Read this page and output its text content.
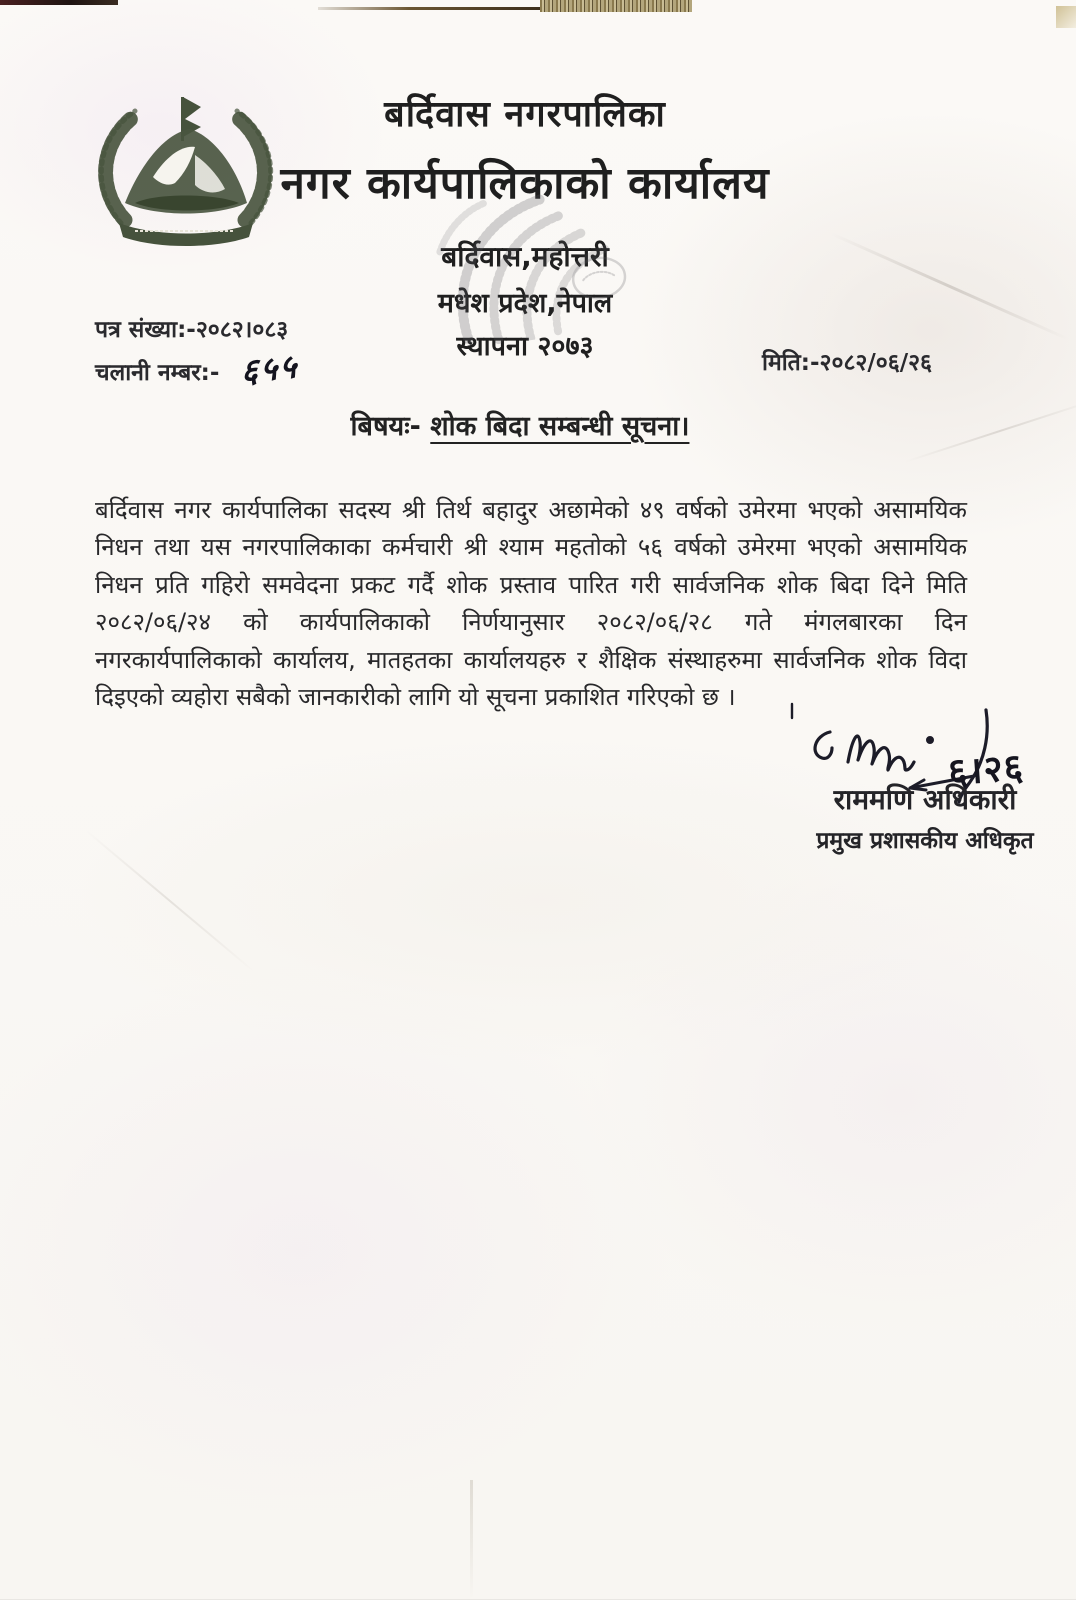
बर्दिवास नगरपालिका
नगर कार्यपालिकाको कार्यालय
बर्दिवास,महोत्तरी
मधेश प्रदेश,नेपाल
स्थापना २०७३
पत्र संख्या:-२०८२।०८३
चलानी नम्बर:- ६५५	मिति:-२०८२/०६/२६
बिषयः- शोक बिदा सम्बन्धी सूचना।
बर्दिवास नगर कार्यपालिका सदस्य श्री तिर्थ बहादुर अछामेको ४९ वर्षको उमेरमा भएको असामयिक
निधन तथा यस नगरपालिकाका कर्मचारी श्री श्याम महतोको ५६ वर्षको उमेरमा भएको असामयिक
निधन प्रति गहिरो समवेदना प्रकट गर्दै शोक प्रस्ताव पारित गरी सार्वजनिक शोक बिदा दिने मिति
२०८२/०६/२४ को कार्यपालिकाको निर्णयानुसार २०८२/०६/२८ गते मंगलबारका दिन
नगरकार्यपालिकाको कार्यालय, मातहतका कार्यालयहरु र शैक्षिक संस्थाहरुमा सार्वजनिक शोक विदा
दिइएको व्यहोरा सबैको जानकारीको लागि यो सूचना प्रकाशित गरिएको छ ।
६।२६
राममणि अधिकारी
प्रमुख प्रशासकीय अधिकृत
